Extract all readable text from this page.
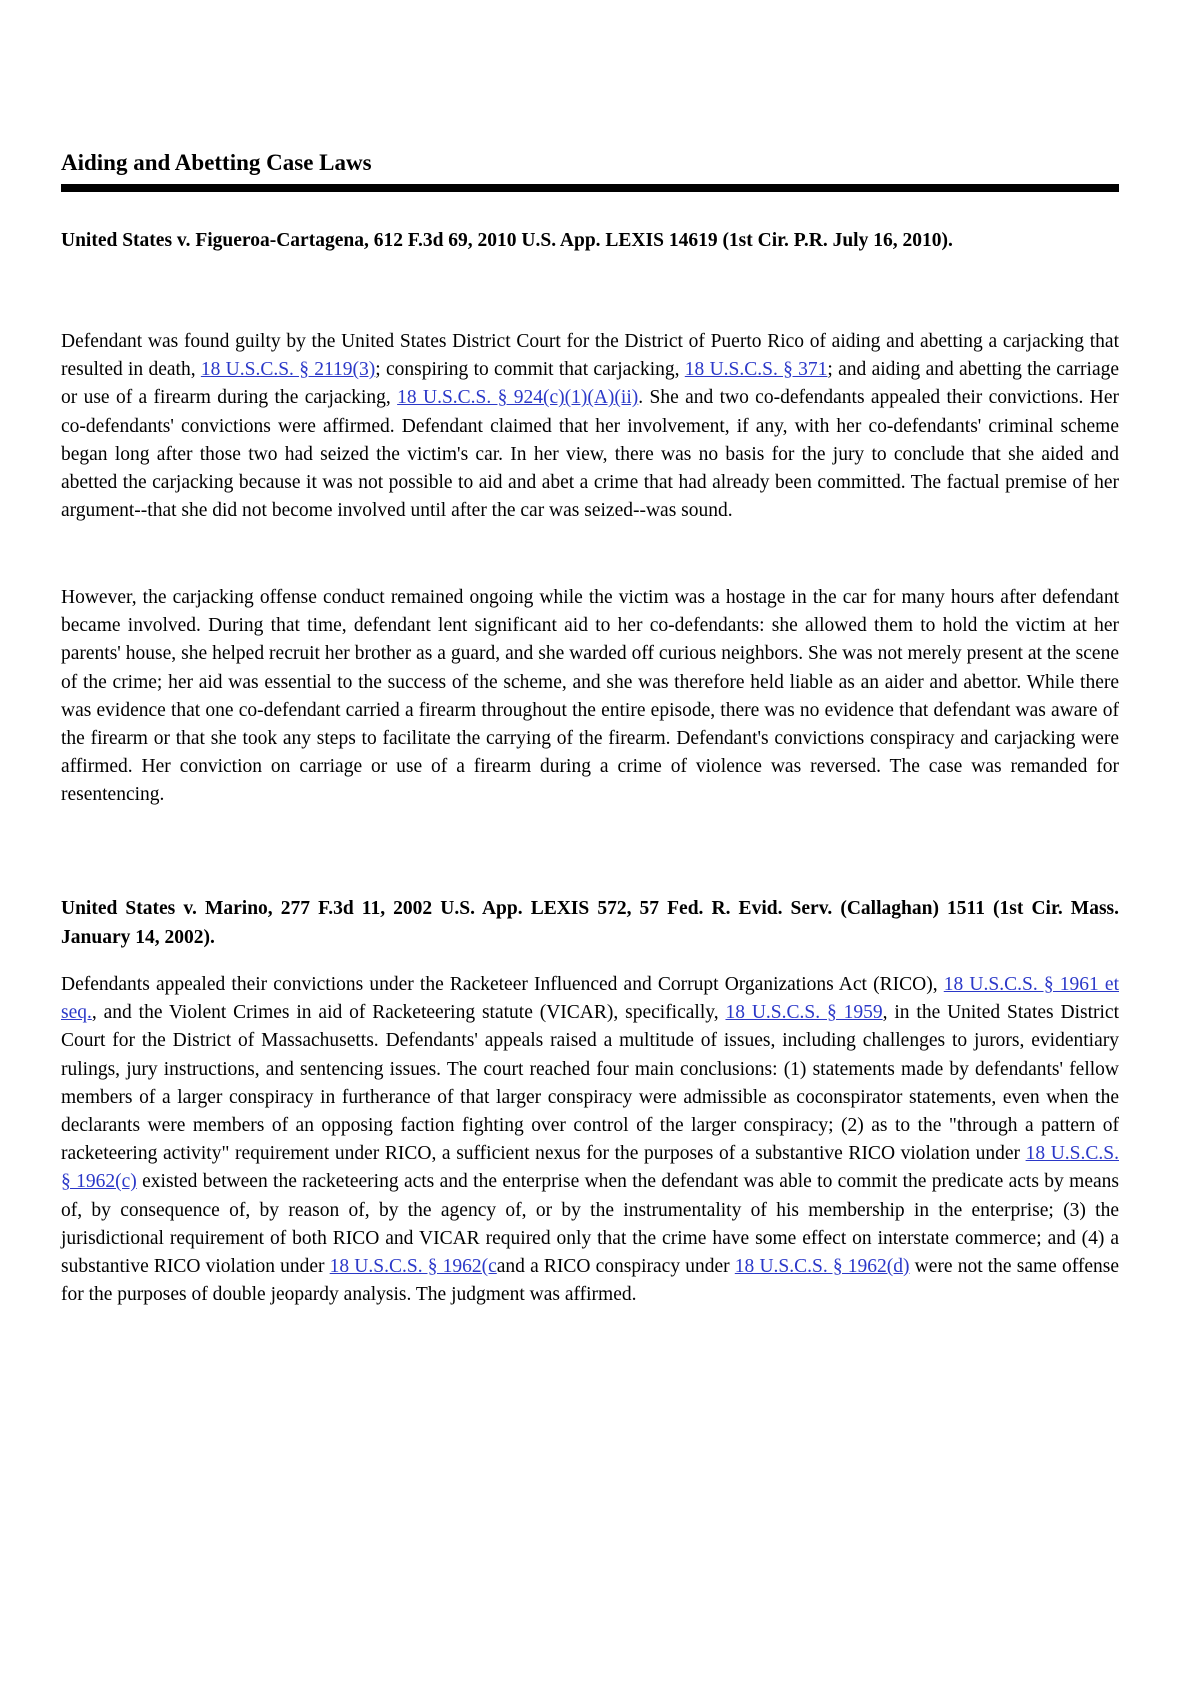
Aiding and Abetting Case Laws

United States v. Figueroa-Cartagena, 612 F.3d 69, 2010 U.S. App. LEXIS 14619 (1st Cir. P.R. July 16, 2010).

Defendant was found guilty by the United States District Court for the District of Puerto Rico of aiding and abetting a carjacking that resulted in death, 18 U.S.C.S. § 2119(3); conspiring to commit that carjacking, 18 U.S.C.S. § 371; and aiding and abetting the carriage or use of a firearm during the carjacking, 18 U.S.C.S. § 924(c)(1)(A)(ii). She and two co-defendants appealed their convictions. Her co-defendants' convictions were affirmed. Defendant claimed that her involvement, if any, with her co-defendants' criminal scheme began long after those two had seized the victim's car. In her view, there was no basis for the jury to conclude that she aided and abetted the carjacking because it was not possible to aid and abet a crime that had already been committed. The factual premise of her argument--that she did not become involved until after the car was seized--was sound.

However, the carjacking offense conduct remained ongoing while the victim was a hostage in the car for many hours after defendant became involved. During that time, defendant lent significant aid to her co-defendants: she allowed them to hold the victim at her parents' house, she helped recruit her brother as a guard, and she warded off curious neighbors. She was not merely present at the scene of the crime; her aid was essential to the success of the scheme, and she was therefore held liable as an aider and abettor. While there was evidence that one co-defendant carried a firearm throughout the entire episode, there was no evidence that defendant was aware of the firearm or that she took any steps to facilitate the carrying of the firearm. Defendant's convictions conspiracy and carjacking were affirmed. Her conviction on carriage or use of a firearm during a crime of violence was reversed. The case was remanded for resentencing.

United States v. Marino, 277 F.3d 11, 2002 U.S. App. LEXIS 572, 57 Fed. R. Evid. Serv. (Callaghan) 1511 (1st Cir. Mass. January 14, 2002).

Defendants appealed their convictions under the Racketeer Influenced and Corrupt Organizations Act (RICO), 18 U.S.C.S. § 1961 et seq., and the Violent Crimes in aid of Racketeering statute (VICAR), specifically, 18 U.S.C.S. § 1959, in the United States District Court for the District of Massachusetts. Defendants' appeals raised a multitude of issues, including challenges to jurors, evidentiary rulings, jury instructions, and sentencing issues. The court reached four main conclusions: (1) statements made by defendants' fellow members of a larger conspiracy in furtherance of that larger conspiracy were admissible as coconspirator statements, even when the declarants were members of an opposing faction fighting over control of the larger conspiracy; (2) as to the "through a pattern of racketeering activity" requirement under RICO, a sufficient nexus for the purposes of a substantive RICO violation under 18 U.S.C.S. § 1962(c) existed between the racketeering acts and the enterprise when the defendant was able to commit the predicate acts by means of, by consequence of, by reason of, by the agency of, or by the instrumentality of his membership in the enterprise; (3) the jurisdictional requirement of both RICO and VICAR required only that the crime have some effect on interstate commerce; and (4) a substantive RICO violation under 18 U.S.C.S. § 1962(cand a RICO conspiracy under 18 U.S.C.S. § 1962(d) were not the same offense for the purposes of double jeopardy analysis. The judgment was affirmed.
